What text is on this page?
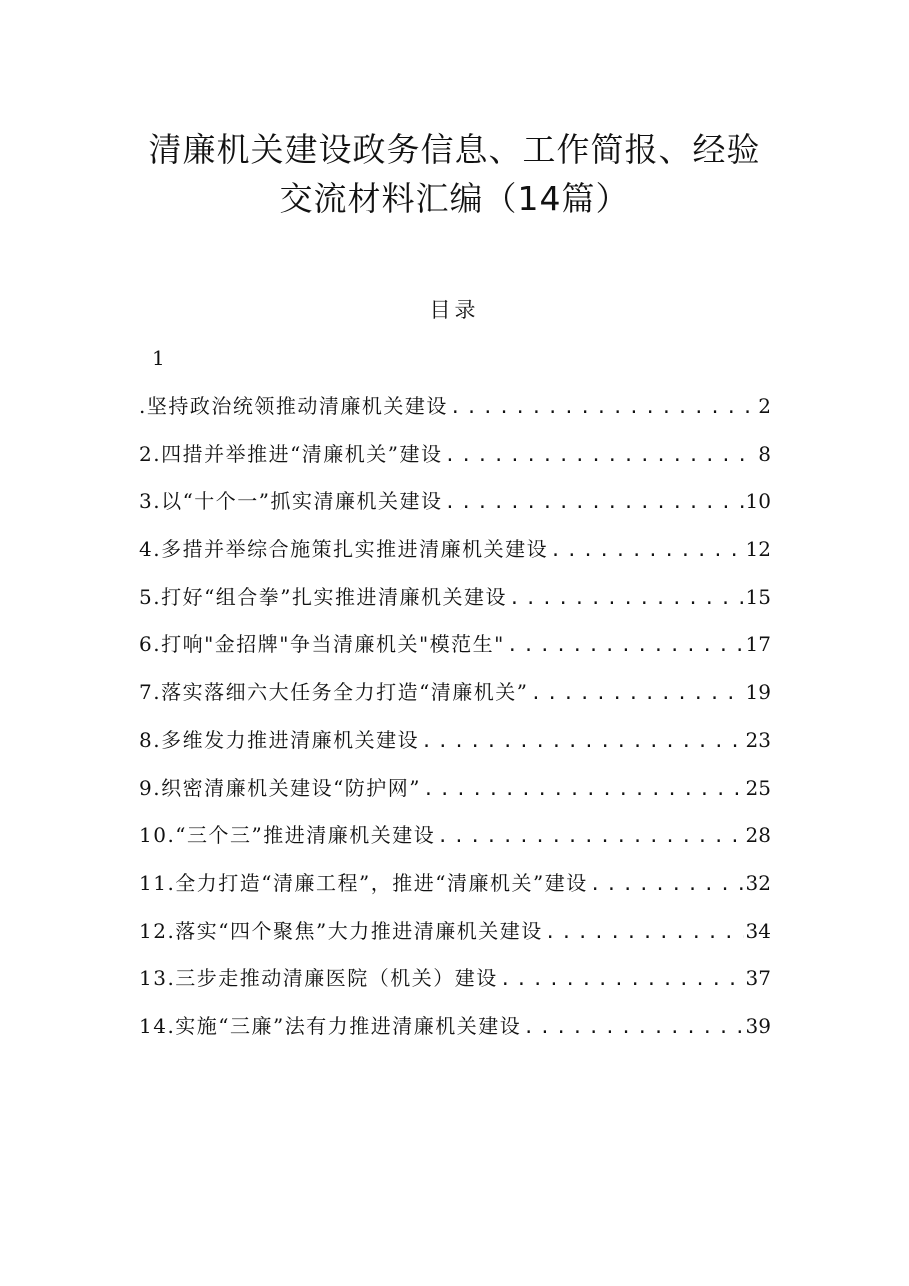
清廉机关建设政务信息、工作简报、经验
交流材料汇编（14篇）
目录
1
.坚持政治统领推动清廉机关建设 .....	2
2.四措并举推进“清廉机关”建设 .....	8
3.以“十个一”抓实清廉机关建设 .....	10
4.多措并举综合施策扎实推进清廉机关建设 .....	12
5.打好“组合拳”扎实推进清廉机关建设 .....	15
6.打响"金招牌"争当清廉机关"模范生" .....	17
7.落实落细六大任务全力打造“清廉机关” .....	19
8.多维发力推进清廉机关建设 .....	23
9.织密清廉机关建设“防护网” .....	25
10.“三个三”推进清廉机关建设 .....	28
11.全力打造“清廉工程”，推进“清廉机关”建设 .....	32
12.落实“四个聚焦”大力推进清廉机关建设 .....	34
13.三步走推动清廉医院（机关）建设 .....	37
14.实施“三廉”法有力推进清廉机关建设 .....	39
